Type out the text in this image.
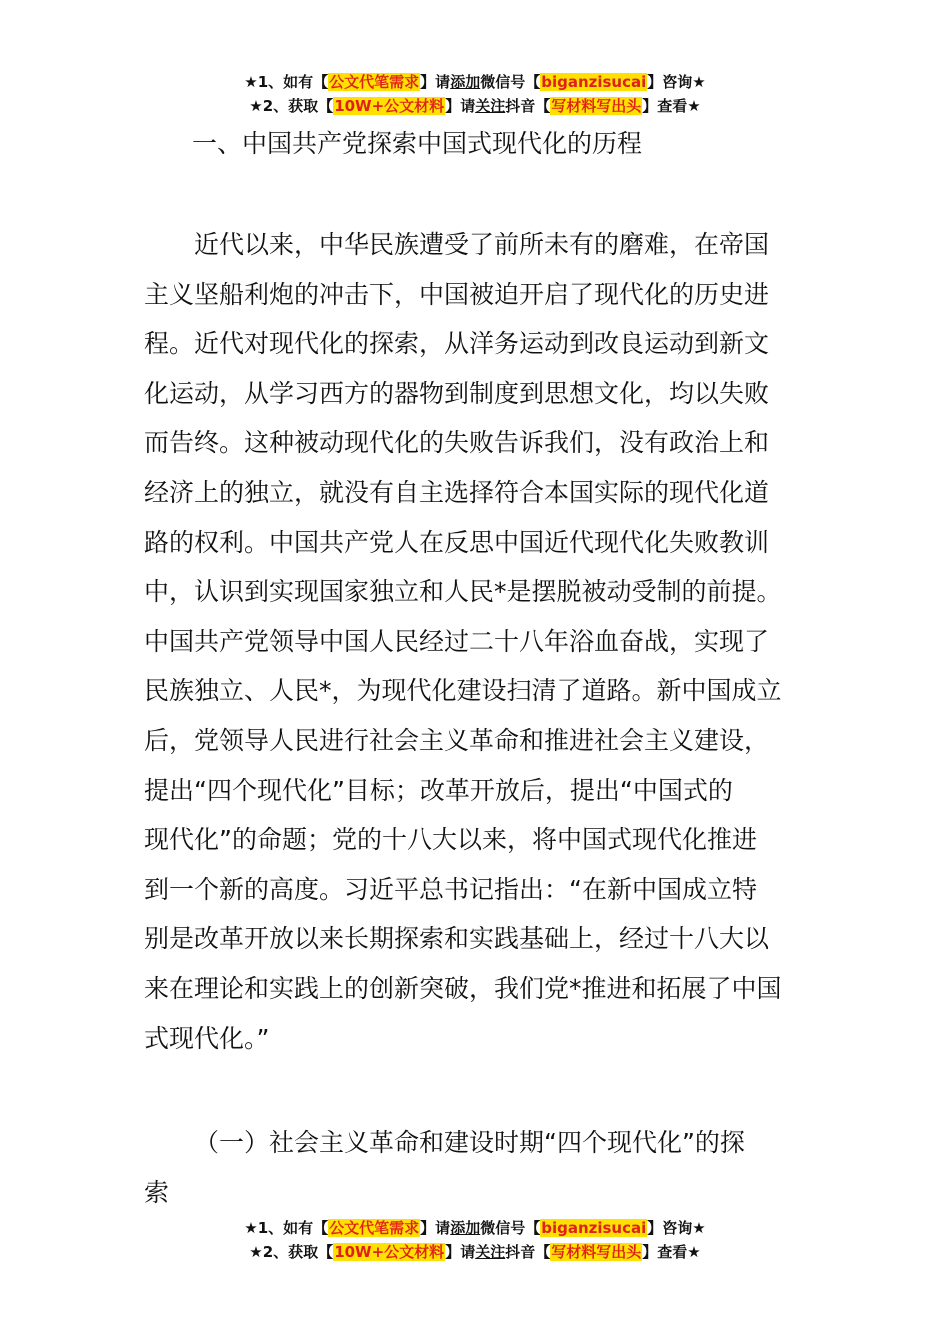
★1、如有【公文代笔需求】请添加微信号【biganzisucai】咨询★
★2、获取【10W+公文材料】请关注抖音【写材料写出头】查看★
一、中国共产党探索中国式现代化的历程
近代以来，中华民族遭受了前所未有的磨难，在帝国
主义坚船利炮的冲击下，中国被迫开启了现代化的历史进
程。近代对现代化的探索，从洋务运动到改良运动到新文
化运动，从学习西方的器物到制度到思想文化，均以失败
而告终。这种被动现代化的失败告诉我们，没有政治上和
经济上的独立，就没有自主选择符合本国实际的现代化道
路的权利。中国共产党人在反思中国近代现代化失败教训
中，认识到实现国家独立和人民*是摆脱被动受制的前提。
中国共产党领导中国人民经过二十八年浴血奋战，实现了
民族独立、人民*，为现代化建设扫清了道路。新中国成立
后，党领导人民进行社会主义革命和推进社会主义建设，
提出“四个现代化”目标；改革开放后，提出“中国式的
现代化”的命题；党的十八大以来，将中国式现代化推进
到一个新的高度。习近平总书记指出：“在新中国成立特
别是改革开放以来长期探索和实践基础上，经过十八大以
来在理论和实践上的创新突破，我们党*推进和拓展了中国
式现代化。”
（一）社会主义革命和建设时期“四个现代化”的探
索
★1、如有【公文代笔需求】请添加微信号【biganzisucai】咨询★
★2、获取【10W+公文材料】请关注抖音【写材料写出头】查看★
